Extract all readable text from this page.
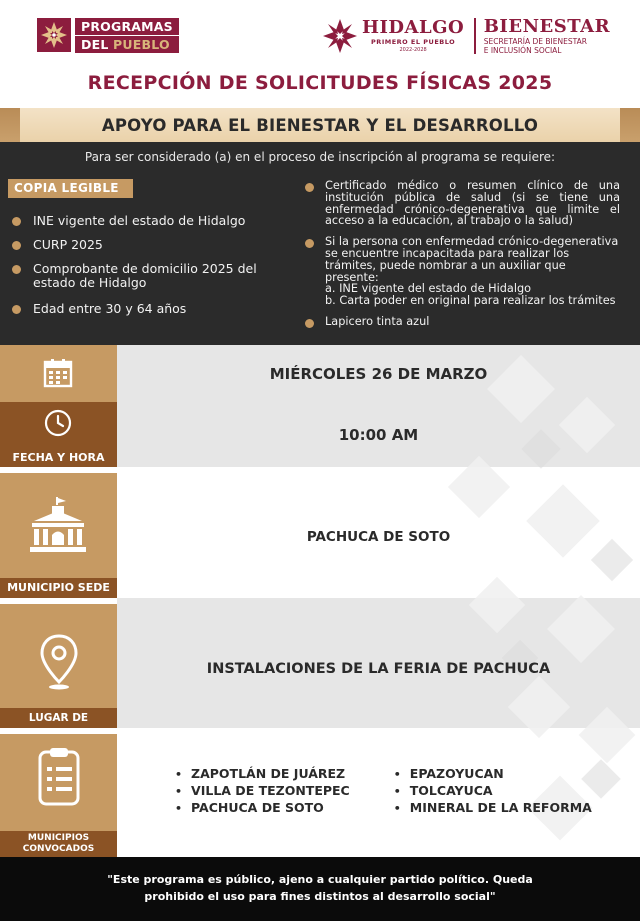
PROGRAMAS
DEL PUEBLO
HIDALGO
PRIMERO EL PUEBLO
2022-2028
BIENESTAR
SECRETARÍA DE BIENESTAR
E INCLUSIÓN SOCIAL
RECEPCIÓN DE SOLICITUDES FÍSICAS 2025
APOYO PARA EL BIENESTAR Y EL DESARROLLO
Para ser considerado (a) en el proceso de inscripción al programa se requiere:
COPIA LEGIBLE
INE vigente del estado de Hidalgo
CURP 2025
Comprobante de domicilio 2025 del estado de Hidalgo
Edad entre 30 y 64 años
Certificado médico o resumen clínico de una institución pública de salud (si se tiene una enfermedad crónico-degenerativa que limite el acceso a la educación, al trabajo o la salud)
Si la persona con enfermedad crónico-degenerativa se encuentre incapacitada para realizar los trámites, puede nombrar a un auxiliar que presente:
a. INE vigente del estado de Hidalgo
b. Carta poder en original para realizar los trámites
Lapicero tinta azul
FECHA Y HORA
MIÉRCOLES 26 DE MARZO
10:00 AM
MUNICIPIO SEDE
PACHUCA DE SOTO
LUGAR DE
INSTALACIONES DE LA FERIA DE PACHUCA
MUNICIPIOS
CONVOCADOS
• ZAPOTLÁN DE JUÁREZ
• VILLA DE TEZONTEPEC
• PACHUCA DE SOTO
• EPAZOYUCAN
• TOLCAYUCA
• MINERAL DE LA REFORMA
"Este programa es público, ajeno a cualquier partido político. Queda
prohibido el uso para fines distintos al desarrollo social"
